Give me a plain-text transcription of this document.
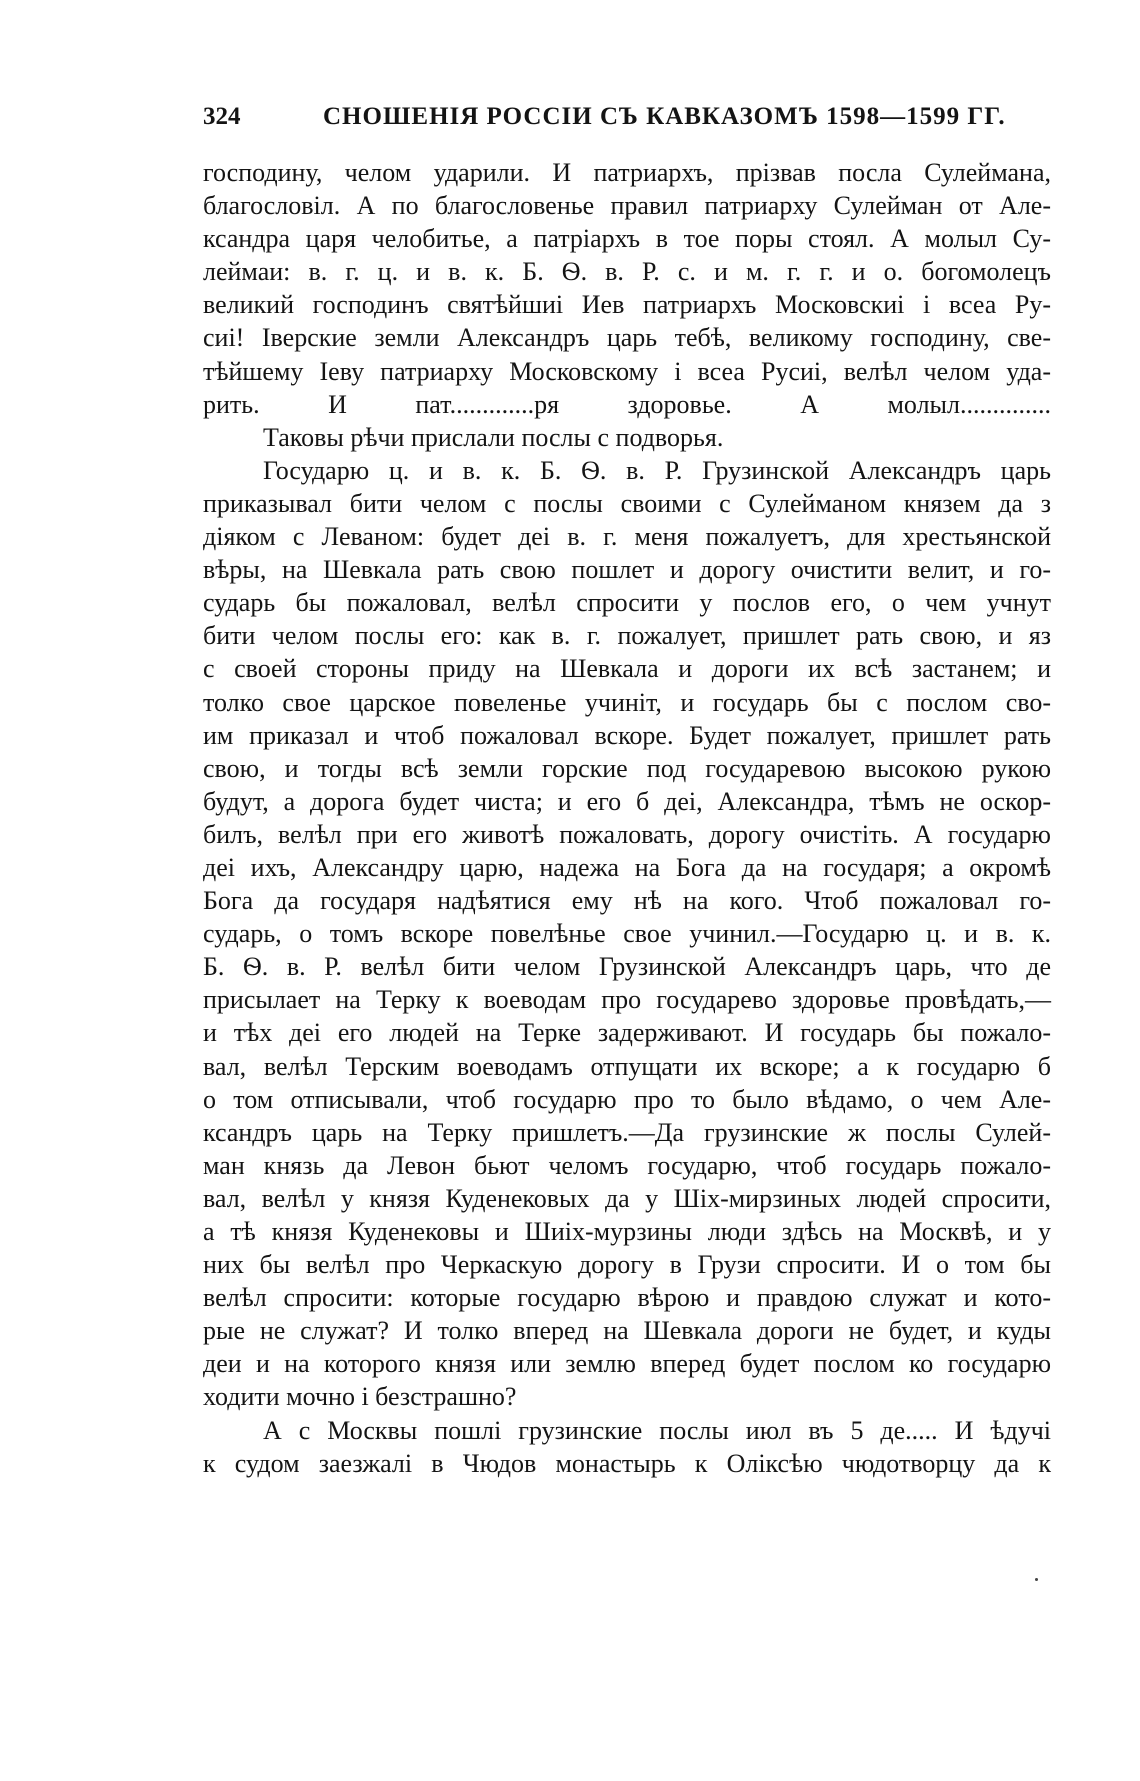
324	СНОШЕНІЯ РОССІИ СЪ КАВКАЗОМЪ 1598—1599 ГГ.
господину, челом ударили. И патриархъ, прізвав посла Сулеймана,
благословіл. А по благословенье правил патриарху Сулейман от Але-
ксандра царя челобитье, а патріархъ в тое поры стоял. А молыл Су-
леймаи: в. г. ц. и в. к. Б. Ѳ. в. Р. с. и м. г. г. и о. богомолецъ
великий господинъ святѣйшиі Иев патриархъ Московскиі і всеа Ру-
сиі! Іверские земли Александръ царь тебѣ, великому господину, све-
тѣйшему Іеву патриарху Московскому і всеа Русиі, велѣл челом уда-
рить. И пат.............ря здоровье. А молыл..............
Таковы рѣчи прислали послы с подворья.
Государю ц. и в. к. Б. Ѳ. в. Р. Грузинской Александръ царь
приказывал бити челом с послы своими с Сулейманом князем да з
діяком с Леваном: будет деі в. г. меня пожалуетъ, для хрестьянской
вѣры, на Шевкала рать свою пошлет и дорогу очистити велит, и го-
сударь бы пожаловал, велѣл спросити у послов его, о чем учнут
бити челом послы его: как в. г. пожалует, пришлет рать свою, и яз
с своей стороны приду на Шевкала и дороги их всѣ застанем; и
толко свое царское повеленье учиніт, и государь бы с послом сво-
им приказал и чтоб пожаловал вскоре. Будет пожалует, пришлет рать
свою, и тогды всѣ земли горские под государевою высокою рукою
будут, а дорога будет чиста; и его б деі, Александра, тѣмъ не оскор-
билъ, велѣл при его животѣ пожаловать, дорогу очистіть. А государю
деі ихъ, Александру царю, надежа на Бога да на государя; а окромѣ
Бога да государя надѣятися ему нѣ на кого. Чтоб пожаловал го-
сударь, о томъ вскоре повелѣнье свое учинил.—Государю ц. и в. к.
Б. Ѳ. в. Р. велѣл бити челом Грузинской Александръ царь, что де
присылает на Терку к воеводам про государево здоровье провѣдать,—
и тѣх деі его людей на Терке задерживают. И государь бы пожало-
вал, велѣл Терским воеводамъ отпущати их вскоре; а к государю б
о том отписывали, чтоб государю про то было вѣдамо, о чем Але-
ксандръ царь на Терку пришлетъ.—Да грузинские ж послы Сулей-
ман князь да Левон бьют челомъ государю, чтоб государь пожало-
вал, велѣл у князя Куденековых да у Шіх-мирзиных людей спросити,
а тѣ князя Куденековы и Шиіх-мурзины люди здѣсь на Москвѣ, и у
них бы велѣл про Черкаскую дорогу в Грузи спросити. И о том бы
велѣл спросити: которые государю вѣрою и правдою служат и кото-
рые не служат? И толко вперед на Шевкала дороги не будет, и куды
деи и на которого князя или землю вперед будет послом ко государю
ходити мочно і безстрашно?
А с Москвы пошлі грузинские послы июл въ 5 де..... И ѣдучі
к судом заезжалі в Чюдов монастырь к Оліксѣю чюдотворцу да к
